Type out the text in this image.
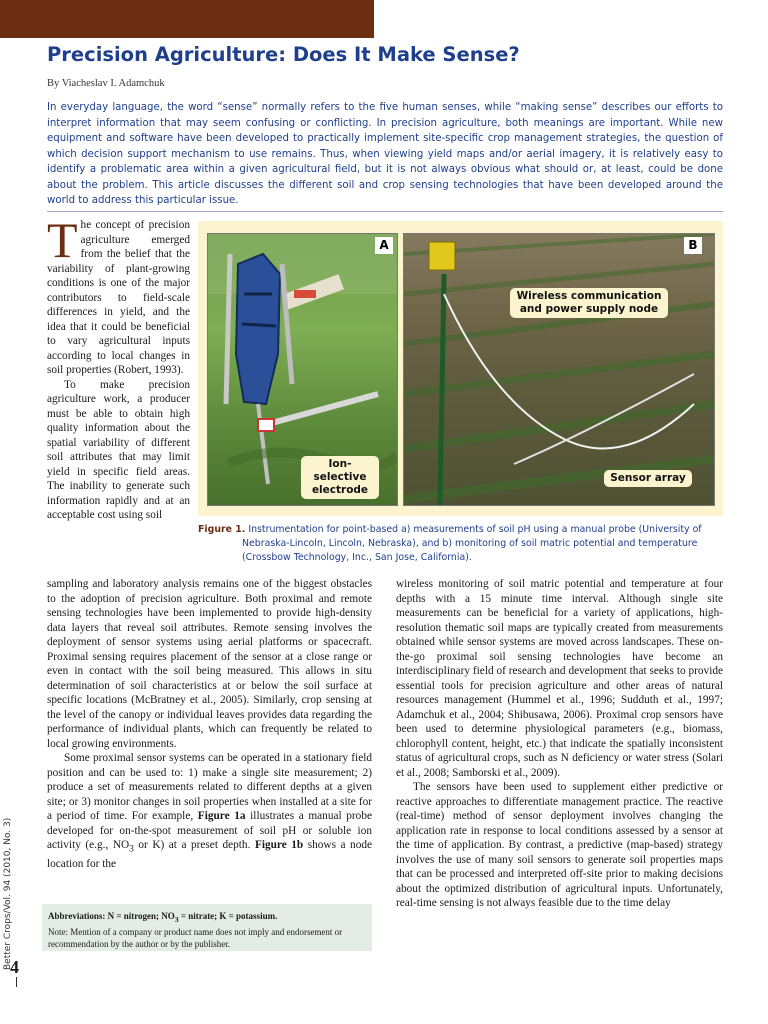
Precision Agriculture: Does It Make Sense?
By Viacheslav I. Adamchuk
In everyday language, the word “sense” normally refers to the five human senses, while “making sense” describes our efforts to interpret information that may seem confusing or conflicting. In precision agriculture, both meanings are important. While new equipment and software have been developed to practically implement site-specific crop management strategies, the question of which decision support mechanism to use remains. Thus, when viewing yield maps and/or aerial imagery, it is relatively easy to identify a problematic area within a given agricultural field, but it is not always obvious what should or, at least, could be done about the problem. This article discusses the different soil and crop sensing technologies that have been developed around the world to address this particular issue.

The concept of precision agriculture emerged from the belief that the variability of plant-growing conditions is one of the major contributors to field-scale differences in yield, and the idea that it could be beneficial to vary agricultural inputs according to local changes in soil properties (Robert, 1993).

To make precision agriculture work, a producer must be able to obtain high quality information about the spatial variability of different soil attributes that may limit yield in specific field areas. The inability to generate such information rapidly and at an acceptable cost using soil

A
Ion-selective electrode
B
Wireless communication and power supply node
Sensor array
Figure 1. Instrumentation for point-based a) measurements of soil pH using a manual probe (University of
Nebraska-Lincoln, Lincoln, Nebraska), and b) monitoring of soil matric potential and temperature (Crossbow Technology, Inc., San Jose, California).

sampling and laboratory analysis remains one of the biggest obstacles to the adoption of precision agriculture. Both proximal and remote sensing technologies have been implemented to provide high-density data layers that reveal soil attributes. Remote sensing involves the deployment of sensor systems using aerial platforms or spacecraft. Proximal sensing requires placement of the sensor at a close range or even in contact with the soil being measured. This allows in situ determination of soil characteristics at or below the soil surface at specific locations (McBratney et al., 2005). Similarly, crop sensing at the level of the canopy or individual leaves provides data regarding the performance of individual plants, which can frequently be related to local growing environments.

Some proximal sensor systems can be operated in a stationary field position and can be used to: 1) make a single site measurement; 2) produce a set of measurements related to different depths at a given site; or 3) monitor changes in soil properties when installed at a site for a period of time. For example, Figure 1a illustrates a manual probe developed for on-the-spot measurement of soil pH or soluble ion activity (e.g., $NO_3$ or K) at a preset depth. Figure 1b shows a node location for the

wireless monitoring of soil matric potential and temperature at four depths with a 15 minute time interval. Although single site measurements can be beneficial for a variety of applications, high-resolution thematic soil maps are typically created from measurements obtained while sensor systems are moved across landscapes. These on-the-go proximal soil sensing technologies have become an interdisciplinary field of research and development that seeks to provide essential tools for precision agriculture and other areas of natural resources management (Hummel et al., 1996; Sudduth et al., 1997; Adamchuk et al., 2004; Shibusawa, 2006). Proximal crop sensors have been used to determine physiological parameters (e.g., biomass, chlorophyll content, height, etc.) that indicate the spatially inconsistent status of agricultural crops, such as N deficiency or water stress (Solari et al., 2008; Samborski et al., 2009).

The sensors have been used to supplement either predictive or reactive approaches to differentiate management practice. The reactive (real-time) method of sensor deployment involves changing the application rate in response to local conditions assessed by a sensor at the time of application. By contrast, a predictive (map-based) strategy involves the use of many soil sensors to generate soil properties maps that can be processed and interpreted off-site prior to making decisions about the optimized distribution of agricultural inputs. Unfortunately, real-time sensing is not always feasible due to the time delay

Abbreviations: N = nitrogen; $NO_3$ = nitrate; K = potassium.
Note: Mention of a company or product name does not imply and endorsement or recommendation by the author or by the publisher.
Better Crops/Vol. 94 (2010, No. 3)
4
